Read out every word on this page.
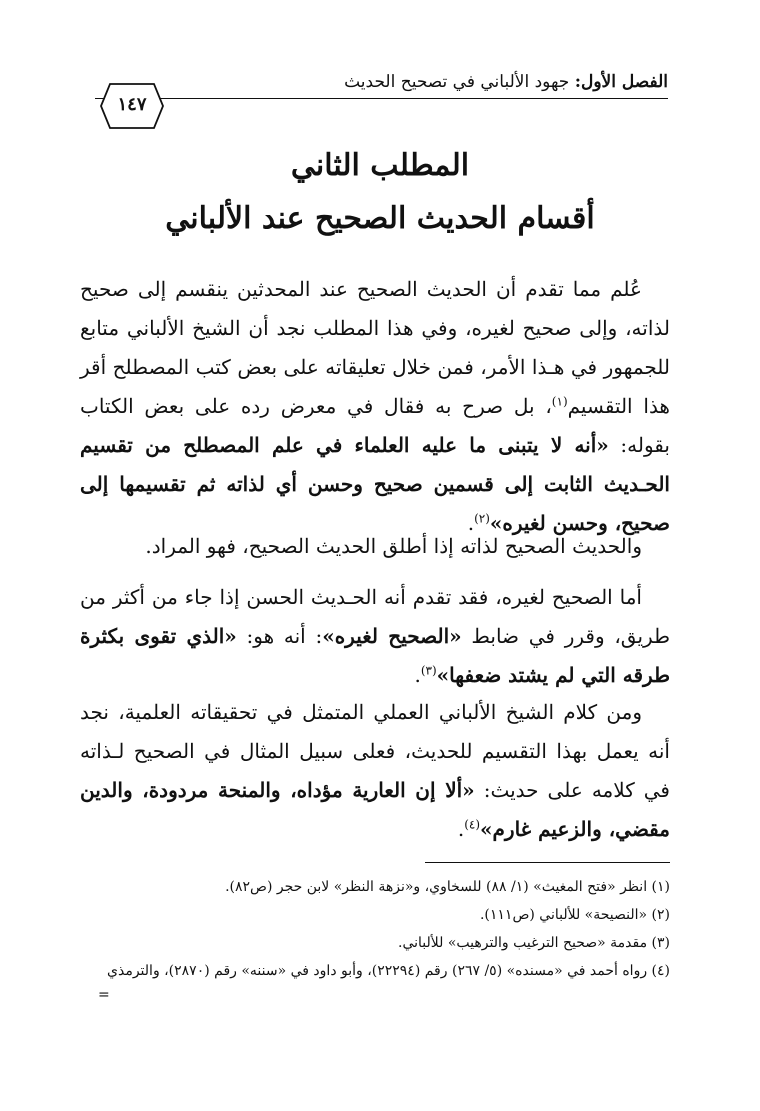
الفصل الأول: جهود الألباني في تصحيح الحديث
١٤٧
المطلب الثاني
أقسام الحديث الصحيح عند الألباني

عُلم مما تقدم أن الحديث الصحيح عند المحدثين ينقسم إلى صحيح لذاته، وإلى صحيح لغيره، وفي هذا المطلب نجد أن الشيخ الألباني متابع للجمهور في هـذا الأمر، فمن خلال تعليقاته على بعض كتب المصطلح أقر هذا التقسيم$^{(١)}$، بل صرح به فقال في معرض رده على بعض الكتاب بقوله: «أنه لا يتبنى ما عليه العلماء في علم المصطلح من تقسيم الحـديث الثابت إلى قسمين صحيح وحسن أي لذاته ثم تقسيمها إلى صحيح، وحسن لغيره»$^{(٢)}$.

والحديث الصحيح لذاته إذا أطلق الحديث الصحيح، فهو المراد.

أما الصحيح لغيره، فقد تقدم أنه الحـديث الحسن إذا جاء من أكثر من طريق، وقرر في ضابط «الصحيح لغيره»: أنه هو: «الذي تقوى بكثرة طرقه التي لم يشتد ضعفها»$^{(٣)}$.

ومن كلام الشيخ الألباني العملي المتمثل في تحقيقاته العلمية، نجد أنه يعمل بهذا التقسيم للحديث، فعلى سبيل المثال في الصحيح لـذاته في كلامه على حديث: «ألا إن العارية مؤداه، والمنحة مردودة، والدين مقضي، والزعيم غارم»$^{(٤)}$.

(١) انظر «فتح المغيث» (١/ ٨٨) للسخاوي، و«نزهة النظر» لابن حجر (ص٨٢).
(٢) «النصيحة» للألباني (ص١١١).
(٣) مقدمة «صحيح الترغيب والترهيب» للألباني.
(٤) رواه أحمد في «مسنده» (٥/ ٢٦٧) رقم (٢٢٢٩٤)، وأبو داود في «سننه» رقم (٢٨٧٠)، والترمذي
=
